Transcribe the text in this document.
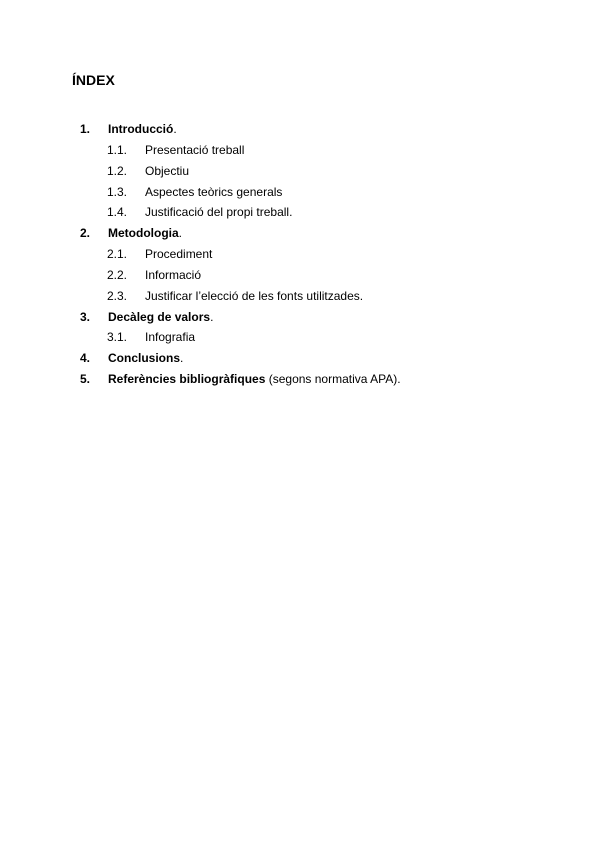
ÍNDEX
1. Introducció.
1.1. Presentació treball
1.2. Objectiu
1.3. Aspectes teòrics generals
1.4. Justificació del propi treball.
2. Metodologia.
2.1. Procediment
2.2. Informació
2.3. Justificar l’elecció de les fonts utilitzades.
3. Decàleg de valors.
3.1. Infografia
4. Conclusions.
5. Referències bibliogràfiques (segons normativa APA).
